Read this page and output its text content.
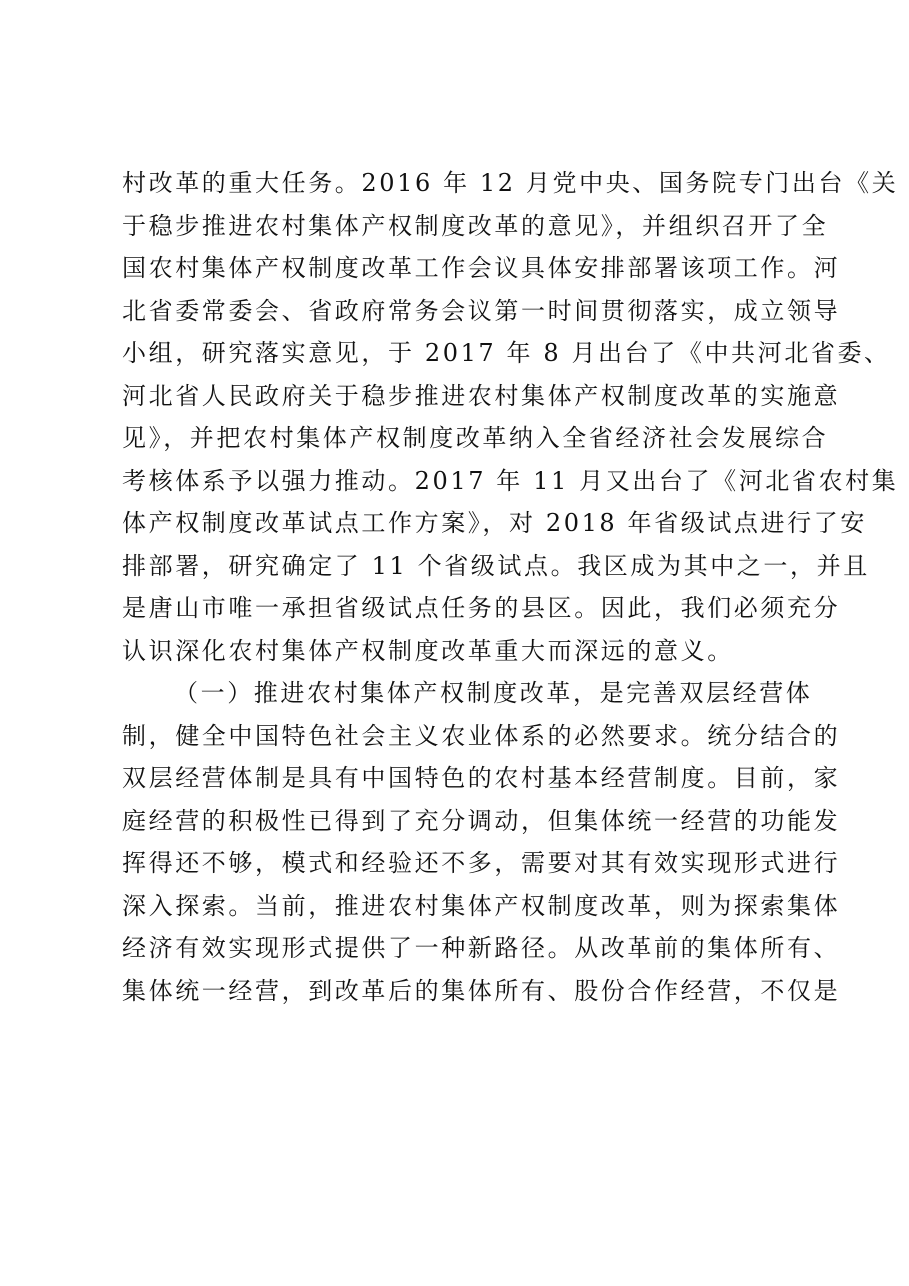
村改革的重大任务。2016 年 12 月党中央、国务院专门出台《关
于稳步推进农村集体产权制度改革的意见》，并组织召开了全
国农村集体产权制度改革工作会议具体安排部署该项工作。河
北省委常委会、省政府常务会议第一时间贯彻落实，成立领导
小组，研究落实意见，于 2017 年 8 月出台了《中共河北省委、
河北省人民政府关于稳步推进农村集体产权制度改革的实施意
见》，并把农村集体产权制度改革纳入全省经济社会发展综合
考核体系予以强力推动。2017 年 11 月又出台了《河北省农村集
体产权制度改革试点工作方案》，对 2018 年省级试点进行了安
排部署，研究确定了 11 个省级试点。我区成为其中之一，并且
是唐山市唯一承担省级试点任务的县区。因此，我们必须充分
认识深化农村集体产权制度改革重大而深远的意义。
（一）推进农村集体产权制度改革，是完善双层经营体
制，健全中国特色社会主义农业体系的必然要求。统分结合的
双层经营体制是具有中国特色的农村基本经营制度。目前，家
庭经营的积极性已得到了充分调动，但集体统一经营的功能发
挥得还不够，模式和经验还不多，需要对其有效实现形式进行
深入探索。当前，推进农村集体产权制度改革，则为探索集体
经济有效实现形式提供了一种新路径。从改革前的集体所有、
集体统一经营，到改革后的集体所有、股份合作经营，不仅是
